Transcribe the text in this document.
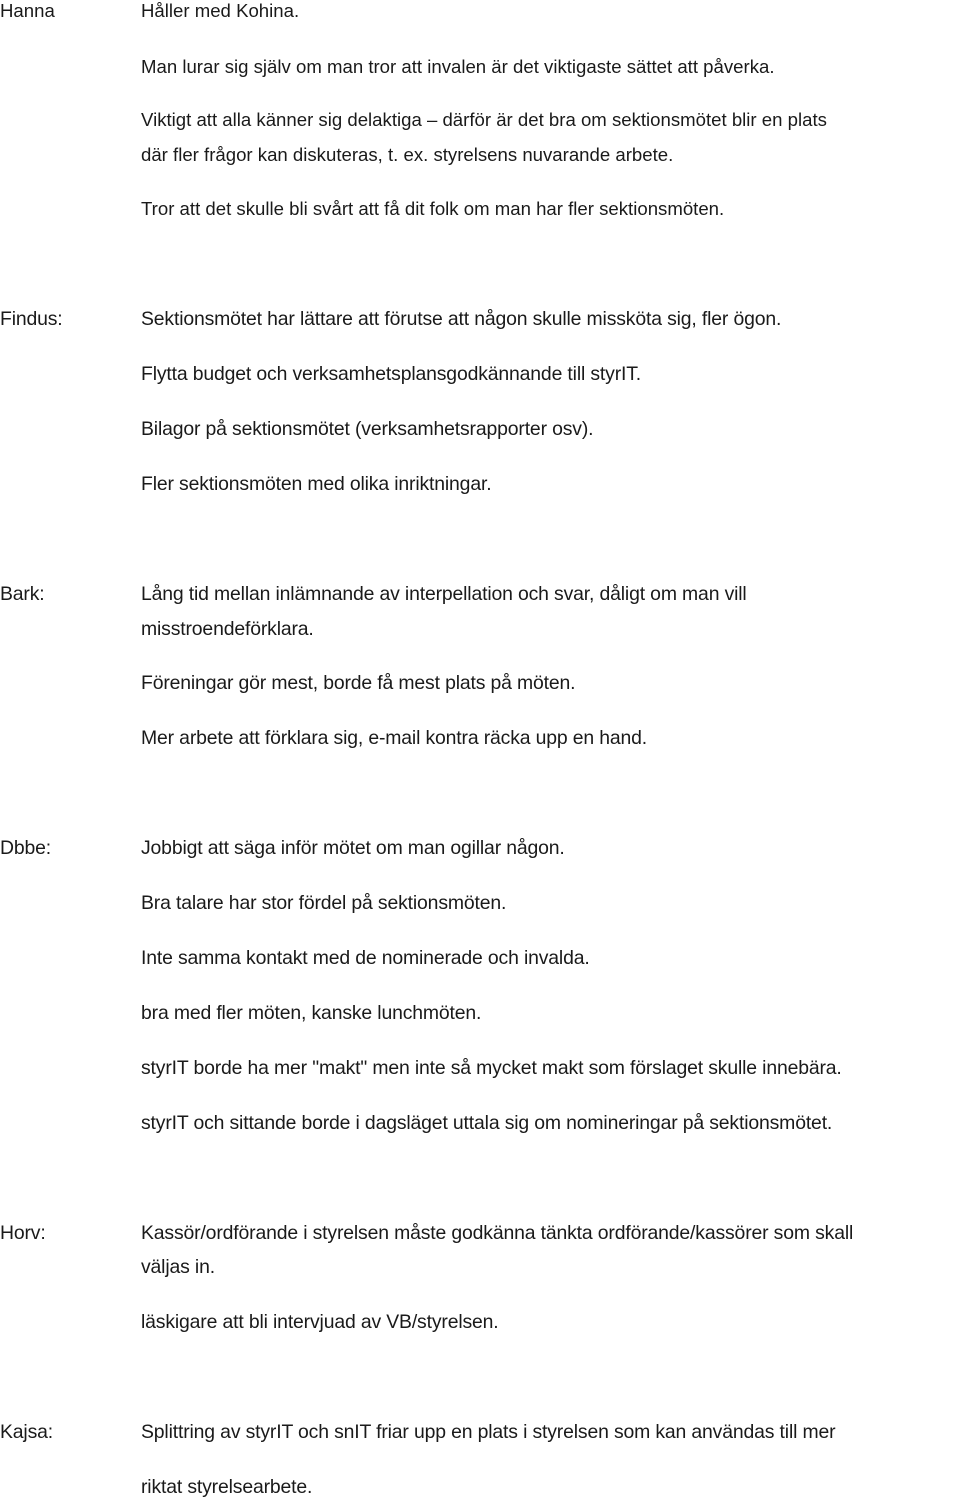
Hanna	Håller med Kohina.
Man lurar sig själv om man tror att invalen är det viktigaste sättet att påverka.
Viktigt att alla känner sig delaktiga – därför är det bra om sektionsmötet blir en plats
där fler frågor kan diskuteras, t. ex. styrelsens nuvarande arbete.
Tror att det skulle bli svårt att få dit folk om man har fler sektionsmöten.
Findus:	Sektionsmötet har lättare att förutse att någon skulle missköta sig, fler ögon.
Flytta budget och verksamhetsplansgodkännande till styrIT.
Bilagor på sektionsmötet (verksamhetsrapporter osv).
Fler sektionsmöten med olika inriktningar.
Bark:	Lång tid mellan inlämnande av interpellation och svar, dåligt om man vill
misstroendeförklara.
Föreningar gör mest, borde få mest plats på möten.
Mer arbete att förklara sig, e-mail kontra räcka upp en hand.
Dbbe:	Jobbigt att säga inför mötet om man ogillar någon.
Bra talare har stor fördel på sektionsmöten.
Inte samma kontakt med de nominerade och invalda.
bra med fler möten, kanske lunchmöten.
styrIT borde ha mer "makt" men inte så mycket makt som förslaget skulle innebära.
styrIT och sittande borde i dagsläget uttala sig om nomineringar på sektionsmötet.
Horv:	Kassör/ordförande i styrelsen måste godkänna tänkta ordförande/kassörer som skall
väljas in.
läskigare att bli intervjuad av VB/styrelsen.
Kajsa:	Splittring av styrIT och snIT friar upp en plats i styrelsen som kan användas till mer
riktat styrelsearbete.
